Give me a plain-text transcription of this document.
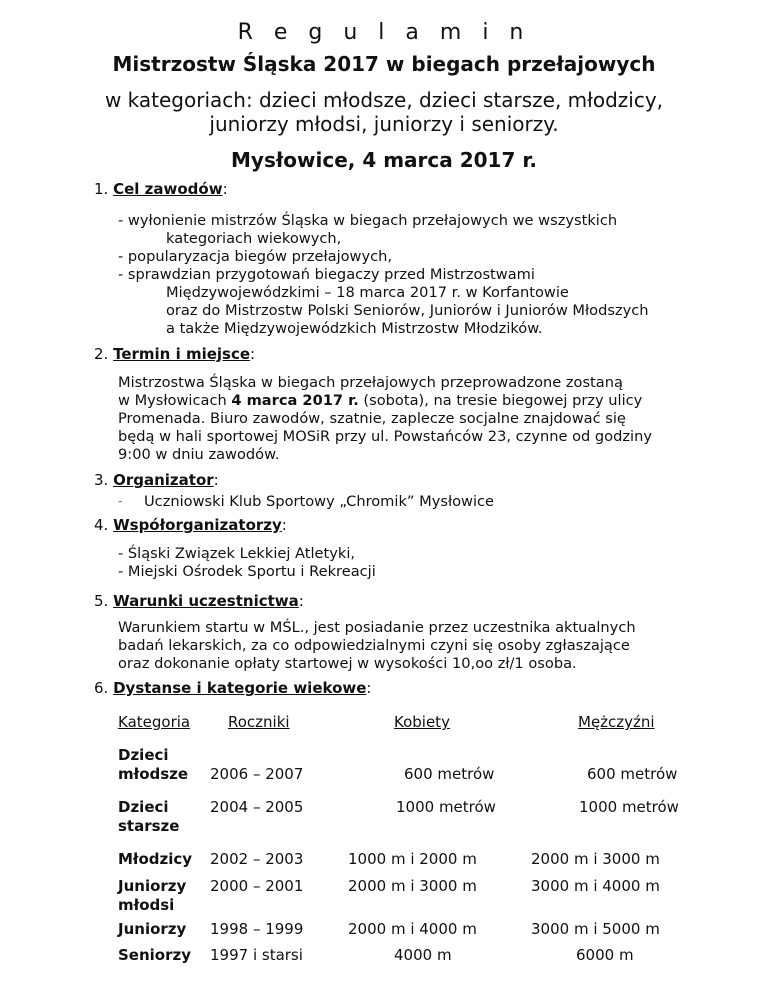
R e g u l a m i n
Mistrzostw Śląska 2017 w biegach przełajowych
w kategoriach: dzieci młodsze, dzieci starsze, młodzicy,
juniorzy młodsi, juniorzy i seniorzy.
Mysłowice, 4 marca 2017 r.
1. Cel zawodów:
- wyłonienie mistrzów Śląska w biegach przełajowych we wszystkich
kategoriach wiekowych,
- popularyzacja biegów przełajowych,
- sprawdzian przygotowań biegaczy przed Mistrzostwami
Międzywojewódzkimi – 18 marca 2017 r. w Korfantowie
oraz do Mistrzostw Polski Seniorów, Juniorów i Juniorów Młodszych
a także Międzywojewódzkich Mistrzostw Młodzików.
2. Termin i miejsce:
Mistrzostwa Śląska w biegach przełajowych przeprowadzone zostaną
w Mysłowicach 4 marca 2017 r. (sobota), na tresie biegowej przy ulicy
Promenada. Biuro zawodów, szatnie, zaplecze socjalne znajdować się
będą w hali sportowej MOSiR przy ul. Powstańców 23, czynne od godziny
9:00 w dniu zawodów.
3. Organizator:
– Uczniowski Klub Sportowy „Chromik” Mysłowice
4. Współorganizatorzy:
- Śląski Związek Lekkiej Atletyki,
- Miejski Ośrodek Sportu i Rekreacji
5. Warunki uczestnictwa:
Warunkiem startu w MŚL., jest posiadanie przez uczestnika aktualnych
badań lekarskich, za co odpowiedzialnymi czyni się osoby zgłaszające
oraz dokonanie opłaty startowej w wysokości 10,oo zł/1 osoba.
6. Dystanse i kategorie wiekowe:
Kategoria	Roczniki	Kobiety	Mężczyźni
Dzieci
młodsze 2006 – 2007	600 metrów	600 metrów
Dzieci
starsze
2004 – 2005	1000 metrów	1000 metrów
Młodzicy 2002 – 2003	1000 m i 2000 m	2000 m i 3000 m
Juniorzy
młodsi
2000 – 2001	2000 m i 3000 m	3000 m i 4000 m
Juniorzy 1998 – 1999	2000 m i 4000 m	3000 m i 5000 m
Seniorzy 1997 i starsi	4000 m	6000 m
